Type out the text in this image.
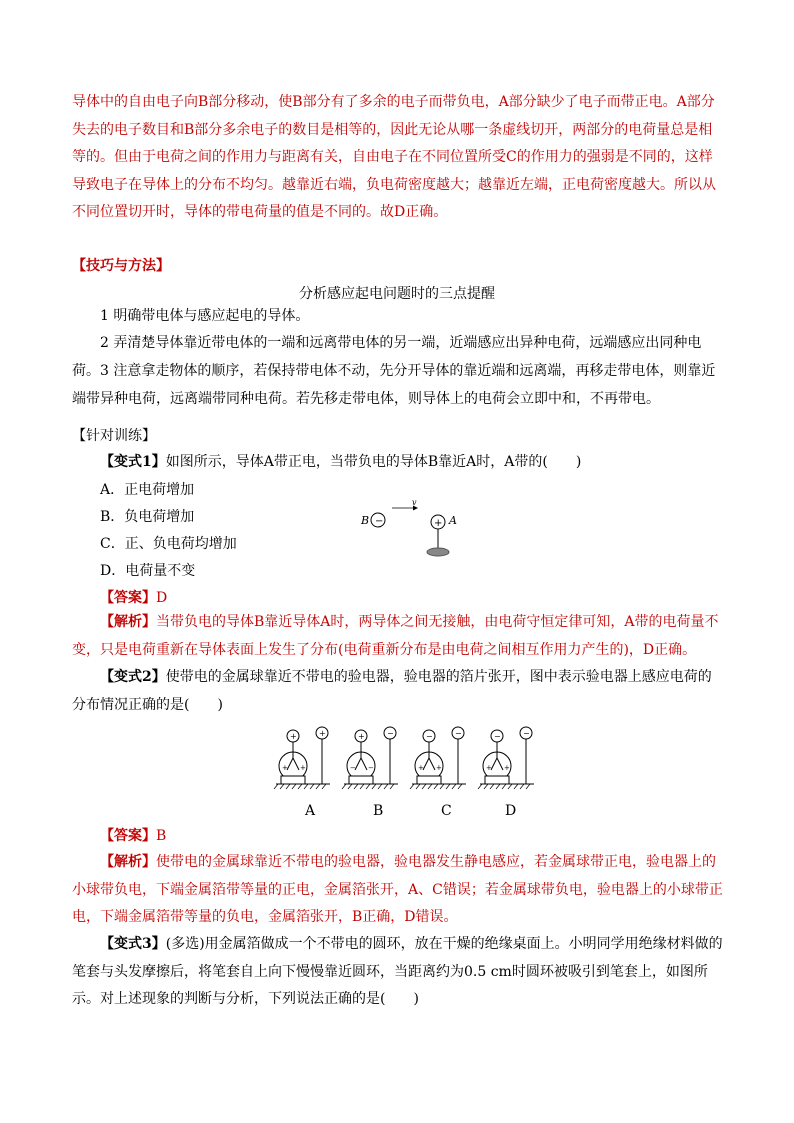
导体中的自由电子向B部分移动，使B部分有了多余的电子而带负电，A部分缺少了电子而带正电。A部分失去的电子数目和B部分多余电子的数目是相等的，因此无论从哪一条虚线切开，两部分的电荷量总是相等的。但由于电荷之间的作用力与距离有关，自由电子在不同位置所受C的作用力的强弱是不同的，这样导致电子在导体上的分布不均匀。越靠近右端，负电荷密度越大；越靠近左端，正电荷密度越大。所以从不同位置切开时，导体的带电荷量的值是不同的。故D正确。

【技巧与方法】

分析感应起电问题时的三点提醒

1 明确带电体与感应起电的导体。

2 弄清楚导体靠近带电体的一端和远离带电体的另一端，近端感应出异种电荷，远端感应出同种电荷。 3 注意拿走物体的顺序，若保持带电体不动，先分开导体的靠近端和远离端，再移走带电体，则靠近端带异种电荷，远离端带同种电荷。若先移走带电体，则导体上的电荷会立即中和，不再带电。

【针对训练】

【变式1】如图所示，导体A带正电，当带负电的导体B靠近A时，A带的(　　)

A．正电荷增加

B．负电荷增加

C．正、负电荷均增加

D．电荷量不变

B −
v
+ A

【答案】D

【解析】当带负电的导体B靠近导体A时，两导体之间无接触，由电荷守恒定律可知，A带的电荷量不变，只是电荷重新在导体表面上发生了分布(电荷重新分布是由电荷之间相互作用力产生的)，D正确。

【变式2】使带电的金属球靠近不带电的验电器，验电器的箔片张开，图中表示验电器上感应电荷的分布情况正确的是(　　)

+
+ +
+	+
− −
−	−
+ +
−	−
+ +
−
A	B	C	D

【答案】B

【解析】使带电的金属球靠近不带电的验电器，验电器发生静电感应，若金属球带正电，验电器上的小球带负电，下端金属箔带等量的正电，金属箔张开，A、C错误；若金属球带负电，验电器上的小球带正电，下端金属箔带等量的负电，金属箔张开，B正确，D错误。

【变式3】(多选)用金属箔做成一个不带电的圆环，放在干燥的绝缘桌面上。小明同学用绝缘材料做的笔套与头发摩擦后，将笔套自上向下慢慢靠近圆环，当距离约为0.5 cm时圆环被吸引到笔套上，如图所示。对上述现象的判断与分析，下列说法正确的是(　　)
